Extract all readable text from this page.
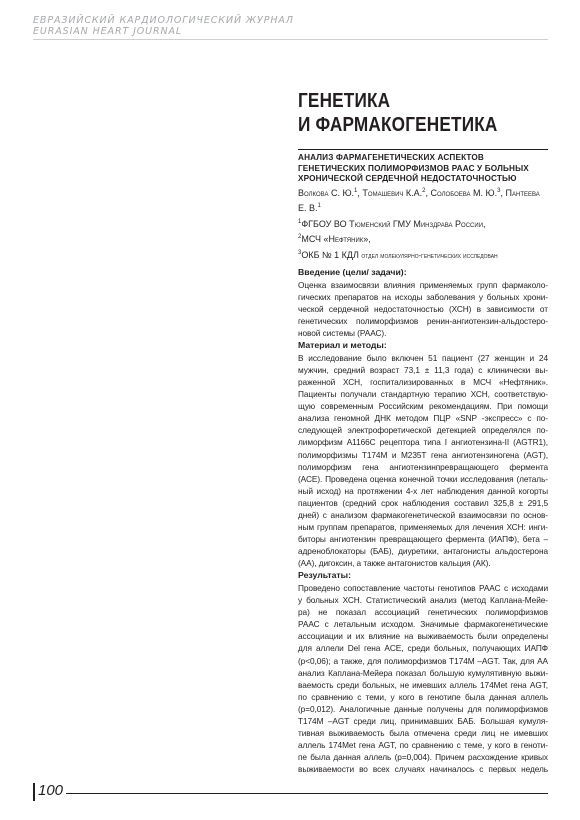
ЕВРАЗИЙСКИЙ КАРДИОЛОГИЧЕСКИЙ ЖУРНАЛ
EURASIAN HEART JOURNAL
ГЕНЕТИКА
И ФАРМАКОГЕНЕТИКА
АНАЛИЗ ФАРМАГЕНЕТИЧЕСКИХ АСПЕКТОВ ГЕНЕТИЧЕСКИХ ПОЛИМОРФИЗМОВ РААС У БОЛЬНЫХ ХРОНИЧЕСКОЙ СЕРДЕЧНОЙ НЕДОСТАТОЧНОСТЬЮ
Волкова С. Ю.$^1$, Томашевич К.А.$^2$, Солобоева М. Ю.$^3$, Пантеева Е. В.$^1$
$^1$ФГБОУ ВО Тюменский ГМУ Минздрава России,
$^2$МСЧ «Нефтяник»,
$^3$ОКБ № 1 КДЛ отдел молекулярно-генетических исследован
Введение (цели/ задачи):
Оценка взаимосвязи влияния применяемых групп фармаколо-
гических препаратов на исходы заболевания у больных хрони-
ческой сердечной недостаточностью (ХСН) в зависимости от
генетических полиморфизмов ренин-ангиотензин-альдостеро-
новой системы (РААС).
Материал и методы:
В исследование было включен 51 пациент (27 женщин и 24
мужчин, средний возраст 73,1 ± 11,3 года) с клинически вы-
раженной ХСН, госпитализированных в МСЧ «Нефтяник».
Пациенты получали стандартную терапию ХСН, соответствую-
щую современным Российским рекомендациям. При помощи
анализа геномной ДНК методом ПЦР «SNP -экспресс» с по-
следующей электрофоретической детекцией определялся по-
лиморфизм A1166C рецептора типа I ангиотензина-II (AGTR1),
полиморфизмы Т174М и М235Т гена ангиотензиногена (AGT),
полиморфизм гена ангиотензинпревращающего фермента
(АСЕ). Проведена оценка конечной точки исследования (леталь-
ный исход) на протяжении 4-х лет наблюдения данной когорты
пациентов (средний срок наблюдения составил 325,8 ± 291,5
дней) с анализом фармакогенетической взаимосвязи по основ-
ным группам препаратов, применяемых для лечения ХСН: инги-
биторы ангиотензин превращающего фермента (ИАПФ), бета –
адреноблокаторы (БАБ), диуретики, антагонисты альдостерона
(АА), дигоксин, а также антагонистов кальция (АК).
Результаты:
Проведено сопоставление частоты генотипов РААС с исходами
у больных ХСН. Статистический анализ (метод Каплана-Мейе-
ра) не показал ассоциаций генетических полиморфизмов
РААС с летальным исходом. Значимые фармакогенетические
ассоциации и их влияние на выживаемость были определены
для аллели Del гена ACE, среди больных, получающих ИАПФ
(р<0,06); а также, для полиморфизмов T174M –AGT. Так, для АА
анализ Каплана-Мейера показал большую кумулятивную выжи-
ваемость среди больных, не имевших аллель 174Met гена AGT,
по сравнению с теми, у кого в генотипе была данная аллель
(р=0,012). Аналогичные данные получены для полиморфизмов
T174M –AGT среди лиц, принимавших БАБ. Большая кумуля-
тивная выживаемость была отмечена среди лиц не имевших
аллель 174Met гена AGT, по сравнению с теме, у кого в геноти-
пе была данная аллель (р=0,004). Причем расхождение кривых
выживаемости во всех случаях начиналось с первых недель
100
